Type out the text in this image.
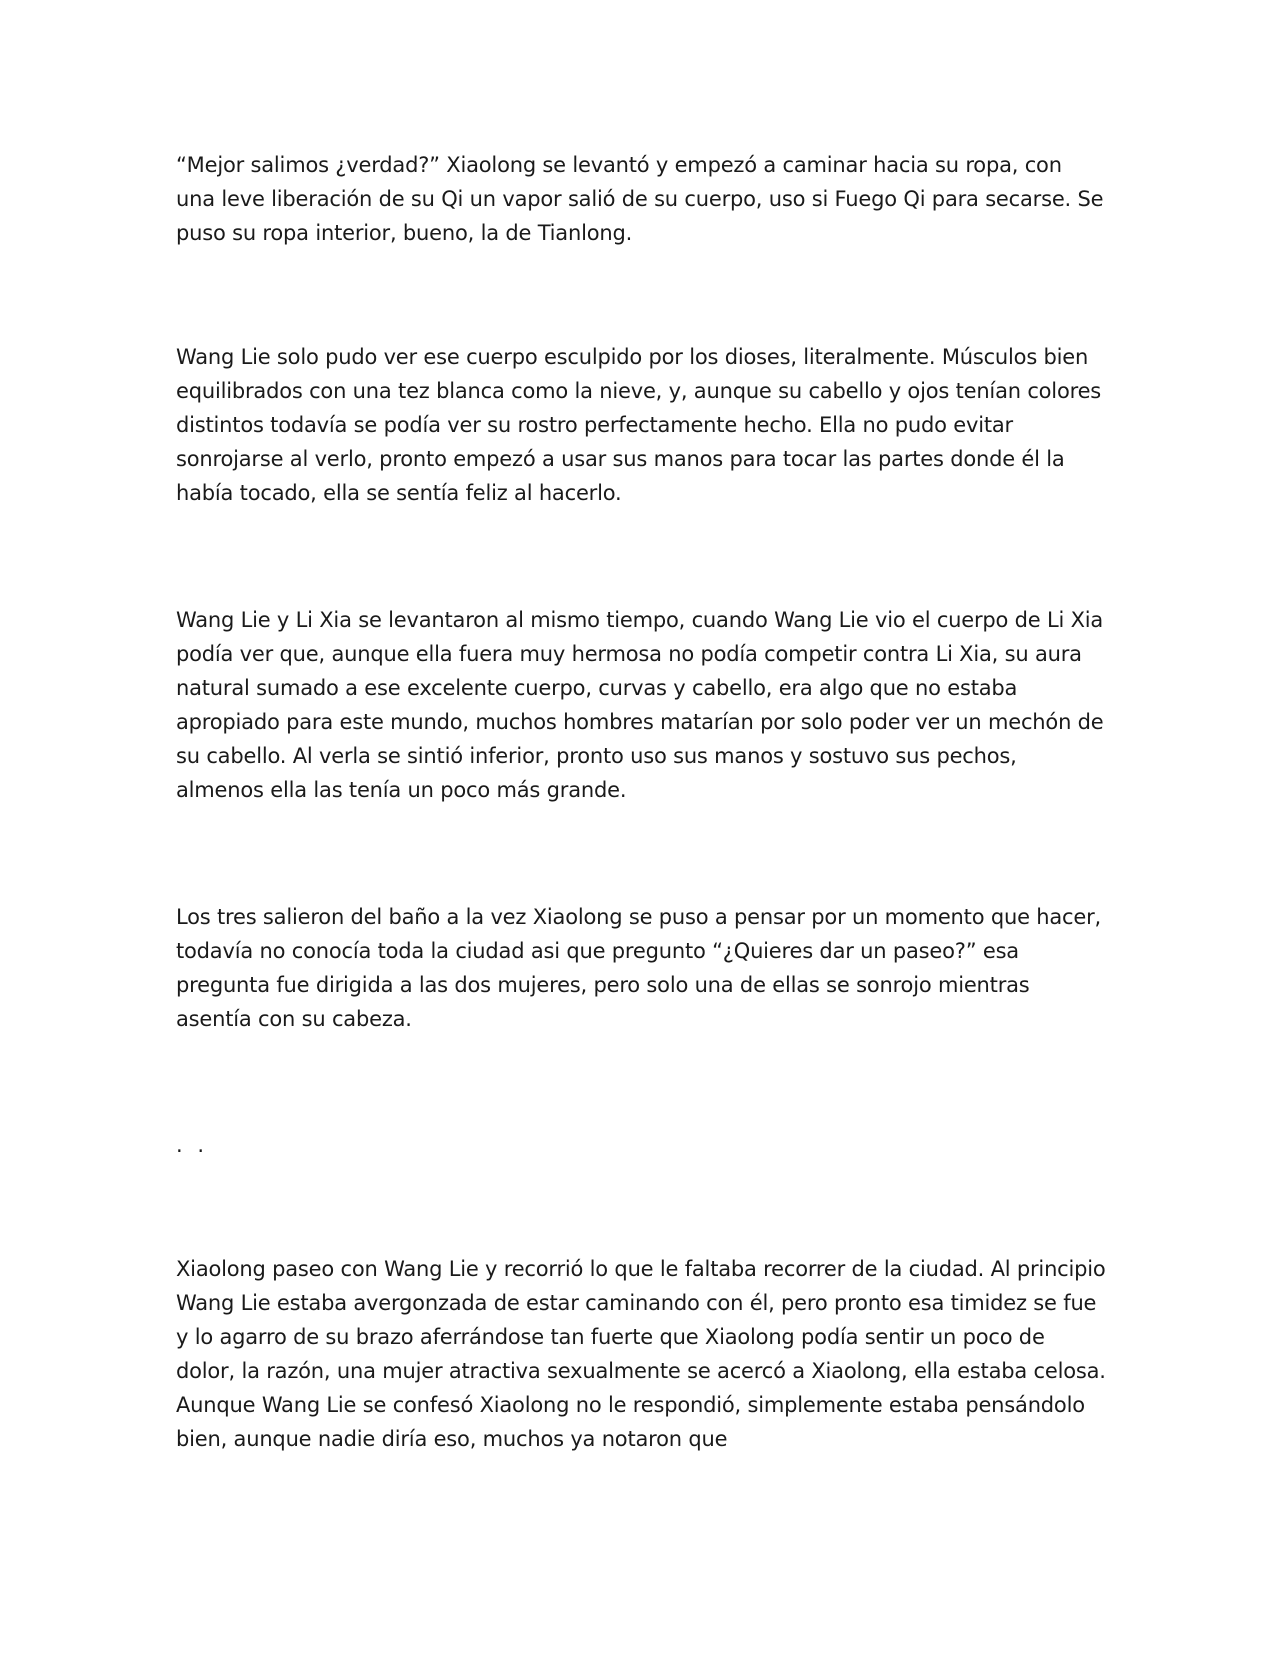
“Mejor salimos ¿verdad?” Xiaolong se levantó y empezó a caminar hacia su ropa, con una leve liberación de su Qi un vapor salió de su cuerpo, uso si Fuego Qi para secarse. Se puso su ropa interior, bueno, la de Tianlong.

Wang Lie solo pudo ver ese cuerpo esculpido por los dioses, literalmente. Músculos bien equilibrados con una tez blanca como la nieve, y, aunque su cabello y ojos tenían colores distintos todavía se podía ver su rostro perfectamente hecho. Ella no pudo evitar sonrojarse al verlo, pronto empezó a usar sus manos para tocar las partes donde él la había tocado, ella se sentía feliz al hacerlo.

Wang Lie y Li Xia se levantaron al mismo tiempo, cuando Wang Lie vio el cuerpo de Li Xia podía ver que, aunque ella fuera muy hermosa no podía competir contra Li Xia, su aura natural sumado a ese excelente cuerpo, curvas y cabello, era algo que no estaba apropiado para este mundo, muchos hombres matarían por solo poder ver un mechón de su cabello. Al verla se sintió inferior, pronto uso sus manos y sostuvo sus pechos, almenos ella las tenía un poco más grande.

Los tres salieron del baño a la vez Xiaolong se puso a pensar por un momento que hacer, todavía no conocía toda la ciudad asi que pregunto “¿Quieres dar un paseo?” esa pregunta fue dirigida a las dos mujeres, pero solo una de ellas se sonrojo mientras asentía con su cabeza.

. .

Xiaolong paseo con Wang Lie y recorrió lo que le faltaba recorrer de la ciudad. Al principio Wang Lie estaba avergonzada de estar caminando con él, pero pronto esa timidez se fue y lo agarro de su brazo aferrándose tan fuerte que Xiaolong podía sentir un poco de dolor, la razón, una mujer atractiva sexualmente se acercó a Xiaolong, ella estaba celosa. Aunque Wang Lie se confesó Xiaolong no le respondió, simplemente estaba pensándolo bien, aunque nadie diría eso, muchos ya notaron que
